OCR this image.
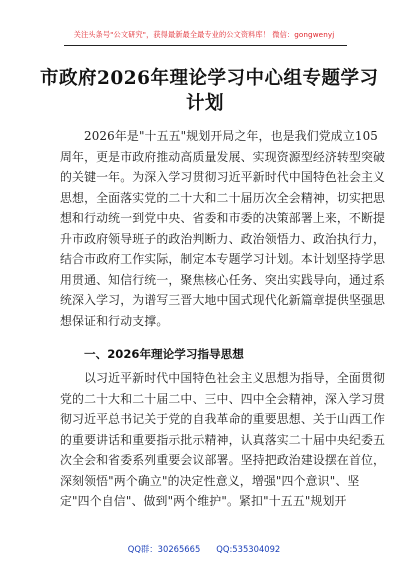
关注头条号"公文研究"，获得最新最全最专业的公文资料库！ 微信：gongwenyj
市政府2026年理论学习中心组专题学习
计划
2026年是"十五五"规划开局之年，也是我们党成立105
周年，更是市政府推动高质量发展、实现资源型经济转型突破
的关键一年。为深入学习贯彻习近平新时代中国特色社会主义
思想，全面落实党的二十大和二十届历次全会精神，切实把思
想和行动统一到党中央、省委和市委的决策部署上来，不断提
升市政府领导班子的政治判断力、政治领悟力、政治执行力，
结合市政府工作实际，制定本专题学习计划。本计划坚持学思
用贯通、知信行统一，聚焦核心任务、突出实践导向，通过系
统深入学习，为谱写三晋大地中国式现代化新篇章提供坚强思
想保证和行动支撑。
一、2026年理论学习指导思想
以习近平新时代中国特色社会主义思想为指导，全面贯彻
党的二十大和二十届二中、三中、四中全会精神，深入学习贯
彻习近平总书记关于党的自我革命的重要思想、关于山西工作
的重要讲话和重要指示批示精神，认真落实二十届中央纪委五
次全会和省委系列重要会议部署。坚持把政治建设摆在首位，
深刻领悟"两个确立"的决定性意义，增强"四个意识"、坚
定"四个自信"、做到"两个维护"。紧扣"十五五"规划开
QQ群：30265665 QQ:535304092
